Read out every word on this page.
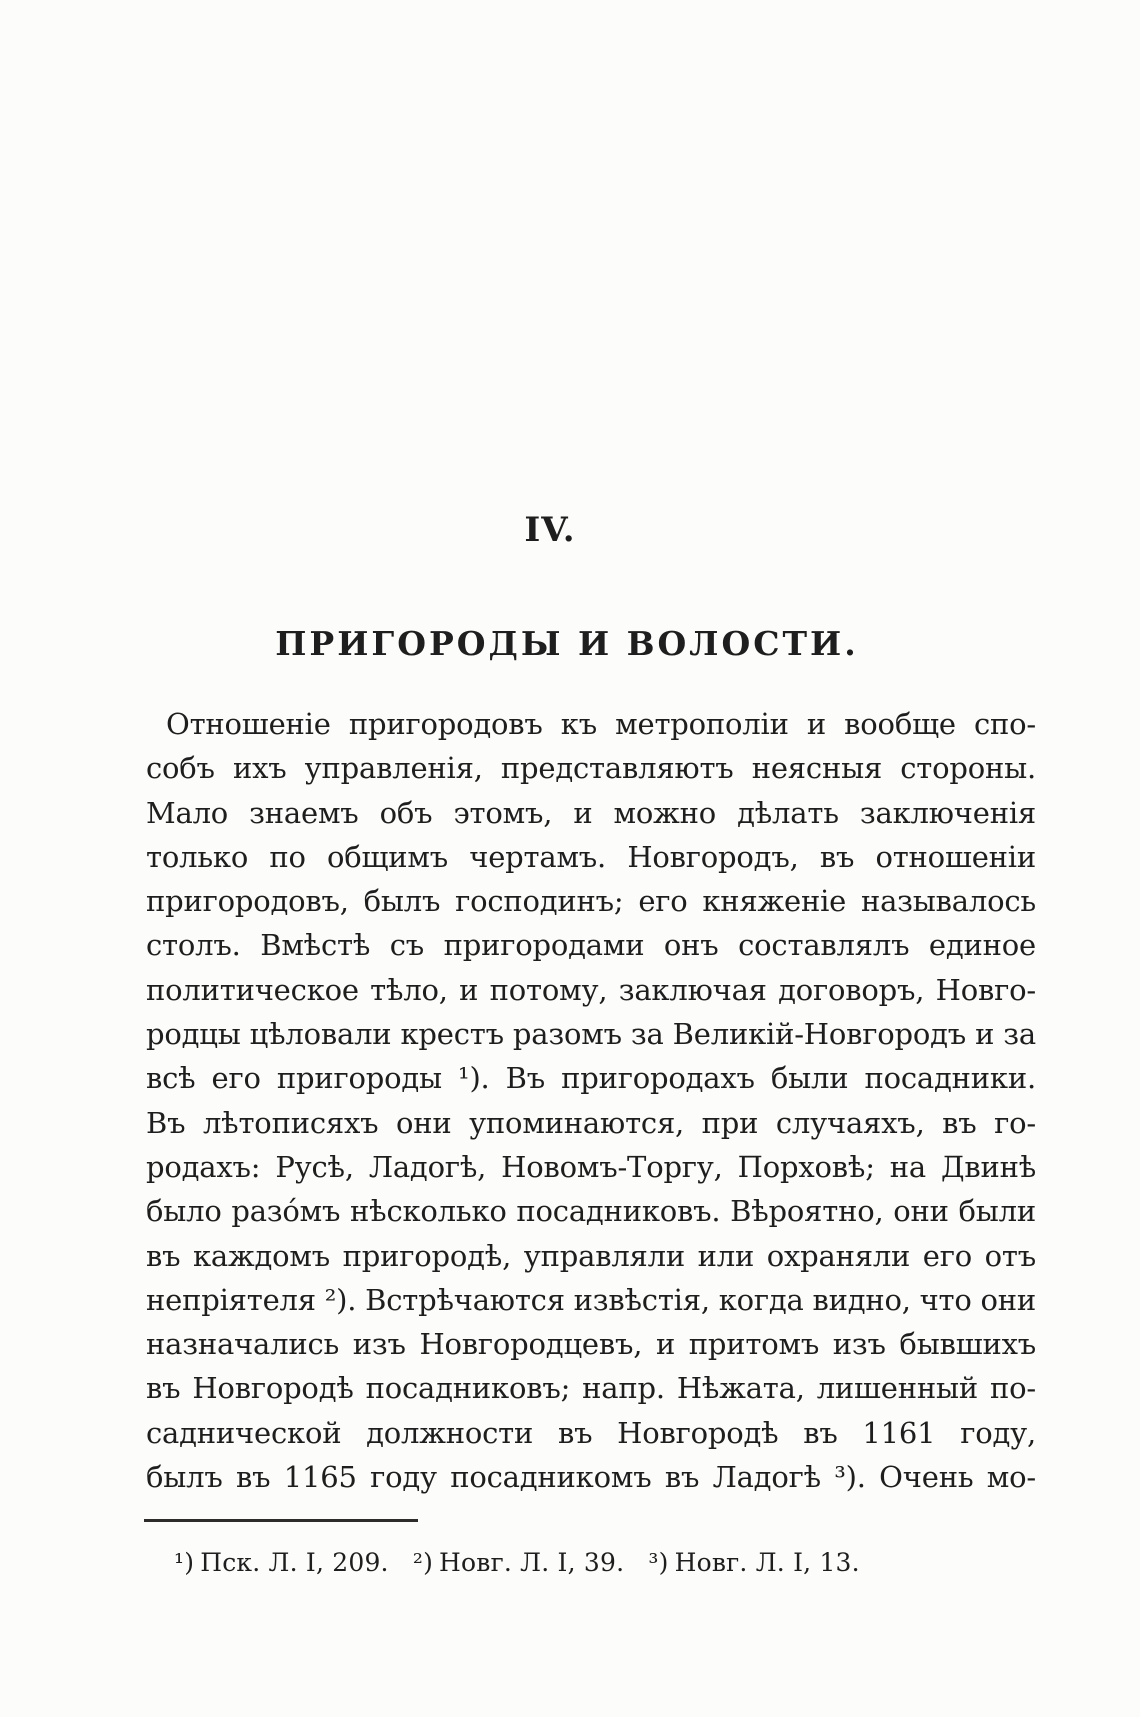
IV.
ПРИГОРОДЫ И ВОЛОСТИ.
Отношеніе пригородовъ къ метрополіи и вообще спо-
собъ ихъ управленія, представляютъ неясныя стороны.
Мало знаемъ объ этомъ, и можно дѣлать заключенія
только по общимъ чертамъ. Новгородъ, въ отношеніи
пригородовъ, былъ господинъ; его княженіе называлось
столъ. Вмѣстѣ съ пригородами онъ составлялъ единое
политическое тѣло, и потому, заключая договоръ, Новго-
родцы цѣловали крестъ разомъ за Великій-Новгородъ и за
всѣ его пригороды ¹). Въ пригородахъ были посадники.
Въ лѣтописяхъ они упоминаются, при случаяхъ, въ го-
родахъ: Русѣ, Ладогѣ, Новомъ-Торгу, Порховѣ; на Двинѣ
было разо́мъ нѣсколько посадниковъ. Вѣроятно, они были
въ каждомъ пригородѣ, управляли или охраняли его отъ
непріятеля ²). Встрѣчаются извѣстія, когда видно, что они
назначались изъ Новгородцевъ, и притомъ изъ бывшихъ
въ Новгородѣ посадниковъ; напр. Нѣжата, лишенный по-
саднической должности въ Новгородѣ въ 1161 году,
былъ въ 1165 году посадникомъ въ Ладогѣ ³). Очень мо-
¹) Пск. Л. I, 209. ²) Новг. Л. I, 39. ³) Новг. Л. I, 13.
